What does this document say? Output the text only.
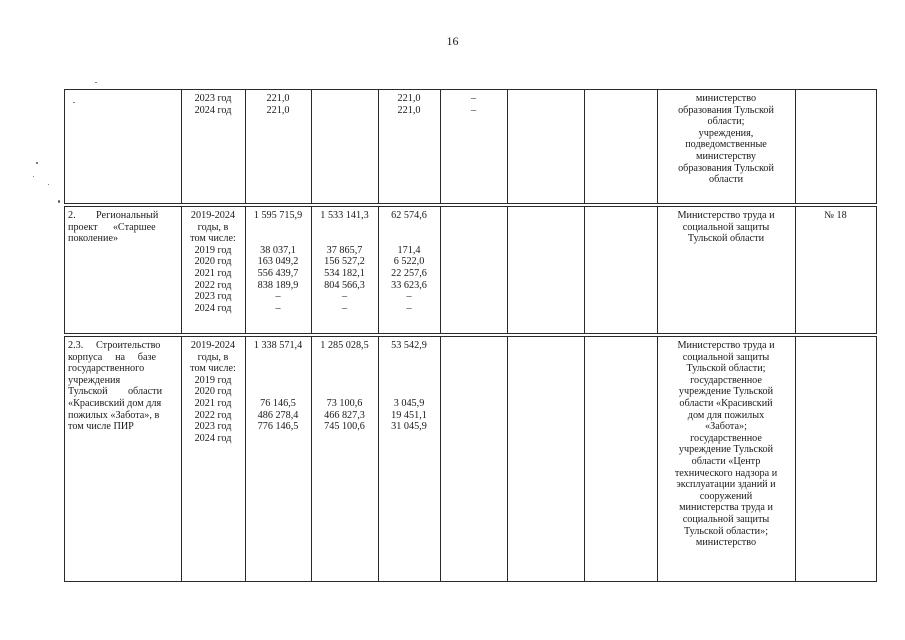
16
2023 год
2024 год
221,0
221,0
221,0
221,0
–
–
министерство
образования Тульской
области;
учреждения,
подведомственные
министерству
образования Тульской
области
2.        Региональный
проект      «Старшее
поколение»
2019-2024
годы, в
том числе:
2019 год
2020 год
2021 год
2022 год
2023 год
2024 год
1 595 715,9
38 037,1
163 049,2
556 439,7
838 189,9
–
–
1 533 141,3
37 865,7
156 527,2
534 182,1
804 566,3
–
–
62 574,6
171,4
6 522,0
22 257,6
33 623,6
–
–
Министерство труда и
социальной защиты
Тульской области
№ 18
2.3.     Строительство
корпуса     на     базе
государственного
учреждения
Тульской        области
«Красивский дом для
пожилых «Забота», в
том числе ПИР
2019-2024
годы, в
том числе:
2019 год
2020 год
2021 год
2022 год
2023 год
2024 год
1 338 571,4
76 146,5
486 278,4
776 146,5
1 285 028,5
73 100,6
466 827,3
745 100,6
53 542,9
3 045,9
19 451,1
31 045,9
Министерство труда и
социальной защиты
Тульской области;
государственное
учреждение Тульской
области «Красивский
дом для пожилых
«Забота»;
государственное
учреждение Тульской
области «Центр
технического надзора и
эксплуатации зданий и
сооружений
министерства труда и
социальной защиты
Тульской области»;
министерство
